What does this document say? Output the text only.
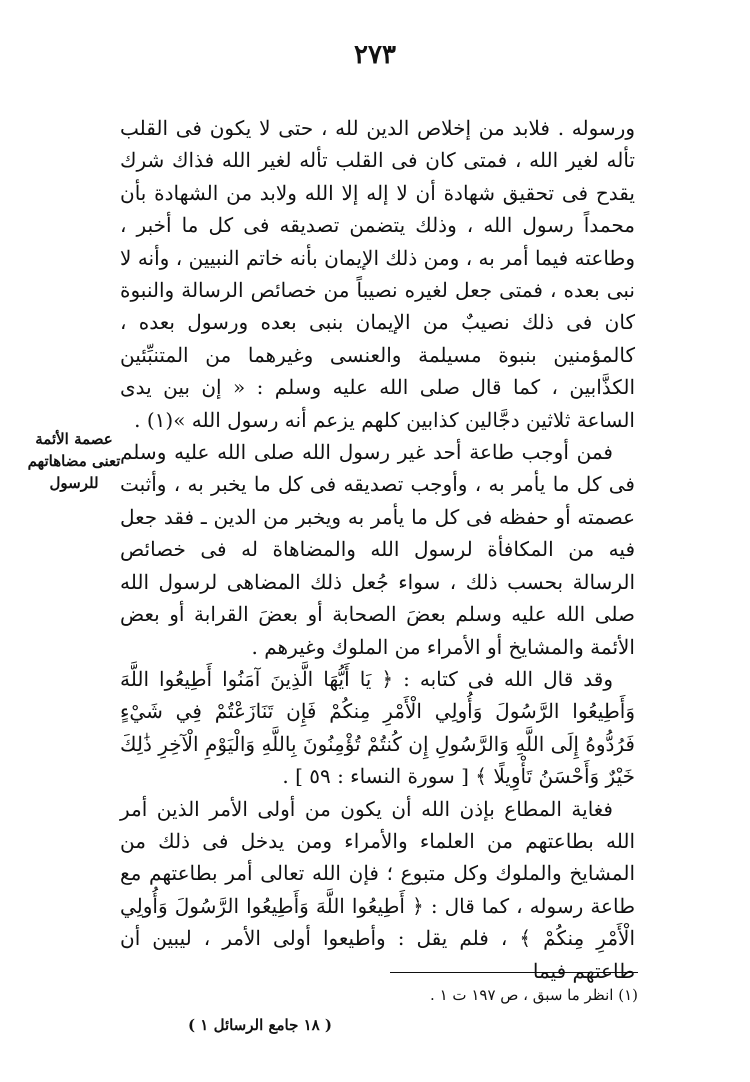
٢٧٣
عصمة الأئمة تعنى مضاهاتهم للرسول

ورسوله . فلابد من إخلاص الدين لله ، حتى لا يكون فى القلب تأله لغير الله ، فمتى كان فى القلب تأله لغير الله فذاك شرك يقدح فى تحقيق شهادة أن لا إله إلا الله ولابد من الشهادة بأن محمداً رسول الله ، وذلك يتضمن تصديقه فى كل ما أخبر ، وطاعته فيما أمر به ، ومن ذلك الإيمان بأنه خاتم النبيين ، وأنه لا نبى بعده ، فمتى جعل لغيره نصيباً من خصائص الرسالة والنبوة كان فى ذلك نصيبٌ من الإيمان بنبى بعده ورسول بعده ، كالمؤمنين بنبوة مسيلمة والعنسى وغيرهما من المتنبِّئين الكذَّابين ، كما قال صلى الله عليه وسلم : « إن بين يدى الساعة ثلاثين دجَّالين كذابين كلهم يزعم أنه رسول الله »(١) .

فمن أوجب طاعة أحد غير رسول الله صلى الله عليه وسلم فى كل ما يأمر به ، وأوجب تصديقه فى كل ما يخبر به ، وأثبت عصمته أو حفظه فى كل ما يأمر به ويخبر من الدين ـ فقد جعل فيه من المكافأة لرسول الله والمضاهاة له فى خصائص الرسالة بحسب ذلك ، سواء جُعل ذلك المضاهى لرسول الله صلى الله عليه وسلم بعضَ الصحابة أو بعضَ القرابة أو بعض الأئمة والمشايخ أو الأمراء من الملوك وغيرهم .

وقد قال الله فى كتابه : ﴿ يَا أَيُّهَا الَّذِينَ آمَنُوا أَطِيعُوا اللَّهَ وَأَطِيعُوا الرَّسُولَ وَأُولِي الْأَمْرِ مِنكُمْ فَإِن تَنَازَعْتُمْ فِي شَيْءٍ فَرُدُّوهُ إِلَى اللَّهِ وَالرَّسُولِ إِن كُنتُمْ تُؤْمِنُونَ بِاللَّهِ وَالْيَوْمِ الْآخِرِ ذَٰلِكَ خَيْرٌ وَأَحْسَنُ تَأْوِيلًا ﴾ [ سورة النساء : ٥٩ ] .

فغاية المطاع بإذن الله أن يكون من أولى الأمر الذين أمر الله بطاعتهم من العلماء والأمراء ومن يدخل فى ذلك من المشايخ والملوك وكل متبوع ؛ فإن الله تعالى أمر بطاعتهم مع طاعة رسوله ، كما قال : ﴿ أَطِيعُوا اللَّهَ وَأَطِيعُوا الرَّسُولَ وَأُولِي الْأَمْرِ مِنكُمْ ﴾ ، فلم يقل : وأطيعوا أولى الأمر ، ليبين أن طاعتهم فيما

(١) انظر ما سبق ، ص ١٩٧ ت ١ .
( ١٨ جامع الرسائل ١ )
